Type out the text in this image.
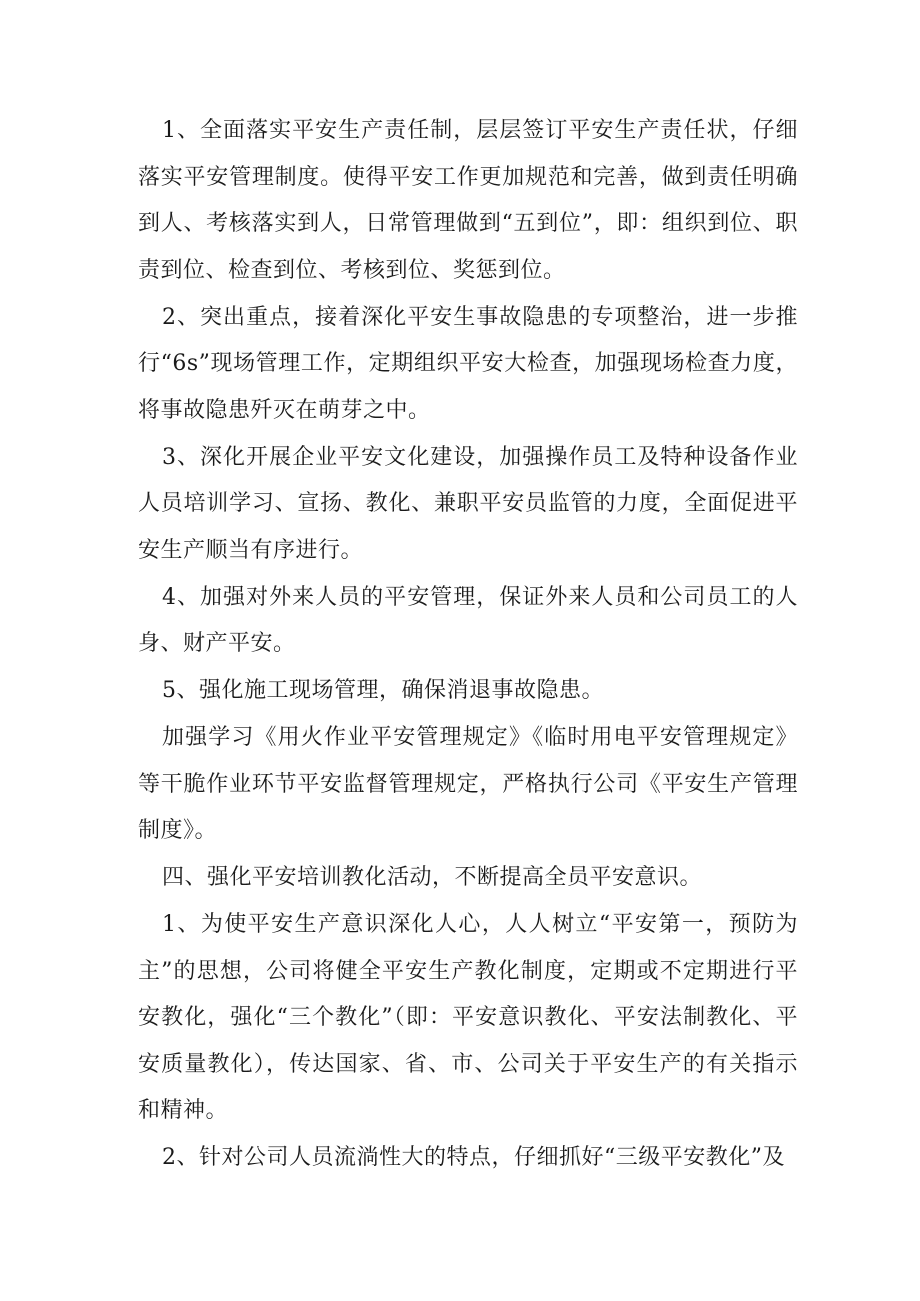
1、全面落实平安生产责任制，层层签订平安生产责任状，仔细落实平安管理制度。使得平安工作更加规范和完善，做到责任明确到人、考核落实到人，日常管理做到“五到位”，即：组织到位、职责到位、检查到位、考核到位、奖惩到位。

2、突出重点，接着深化平安生事故隐患的专项整治，进一步推行“6s”现场管理工作，定期组织平安大检查，加强现场检查力度，将事故隐患歼灭在萌芽之中。

3、深化开展企业平安文化建设，加强操作员工及特种设备作业人员培训学习、宣扬、教化、兼职平安员监管的力度，全面促进平安生产顺当有序进行。

4、加强对外来人员的平安管理，保证外来人员和公司员工的人身、财产平安。

5、强化施工现场管理，确保消退事故隐患。

加强学习《用火作业平安管理规定》《临时用电平安管理规定》等干脆作业环节平安监督管理规定，严格执行公司《平安生产管理制度》。

四、强化平安培训教化活动，不断提高全员平安意识。

1、为使平安生产意识深化人心，人人树立“平安第一，预防为主”的思想，公司将健全平安生产教化制度，定期或不定期进行平安教化，强化“三个教化”（即：平安意识教化、平安法制教化、平安质量教化），传达国家、省、市、公司关于平安生产的有关指示和精神。

2、针对公司人员流淌性大的特点，仔细抓好“三级平安教化”及
